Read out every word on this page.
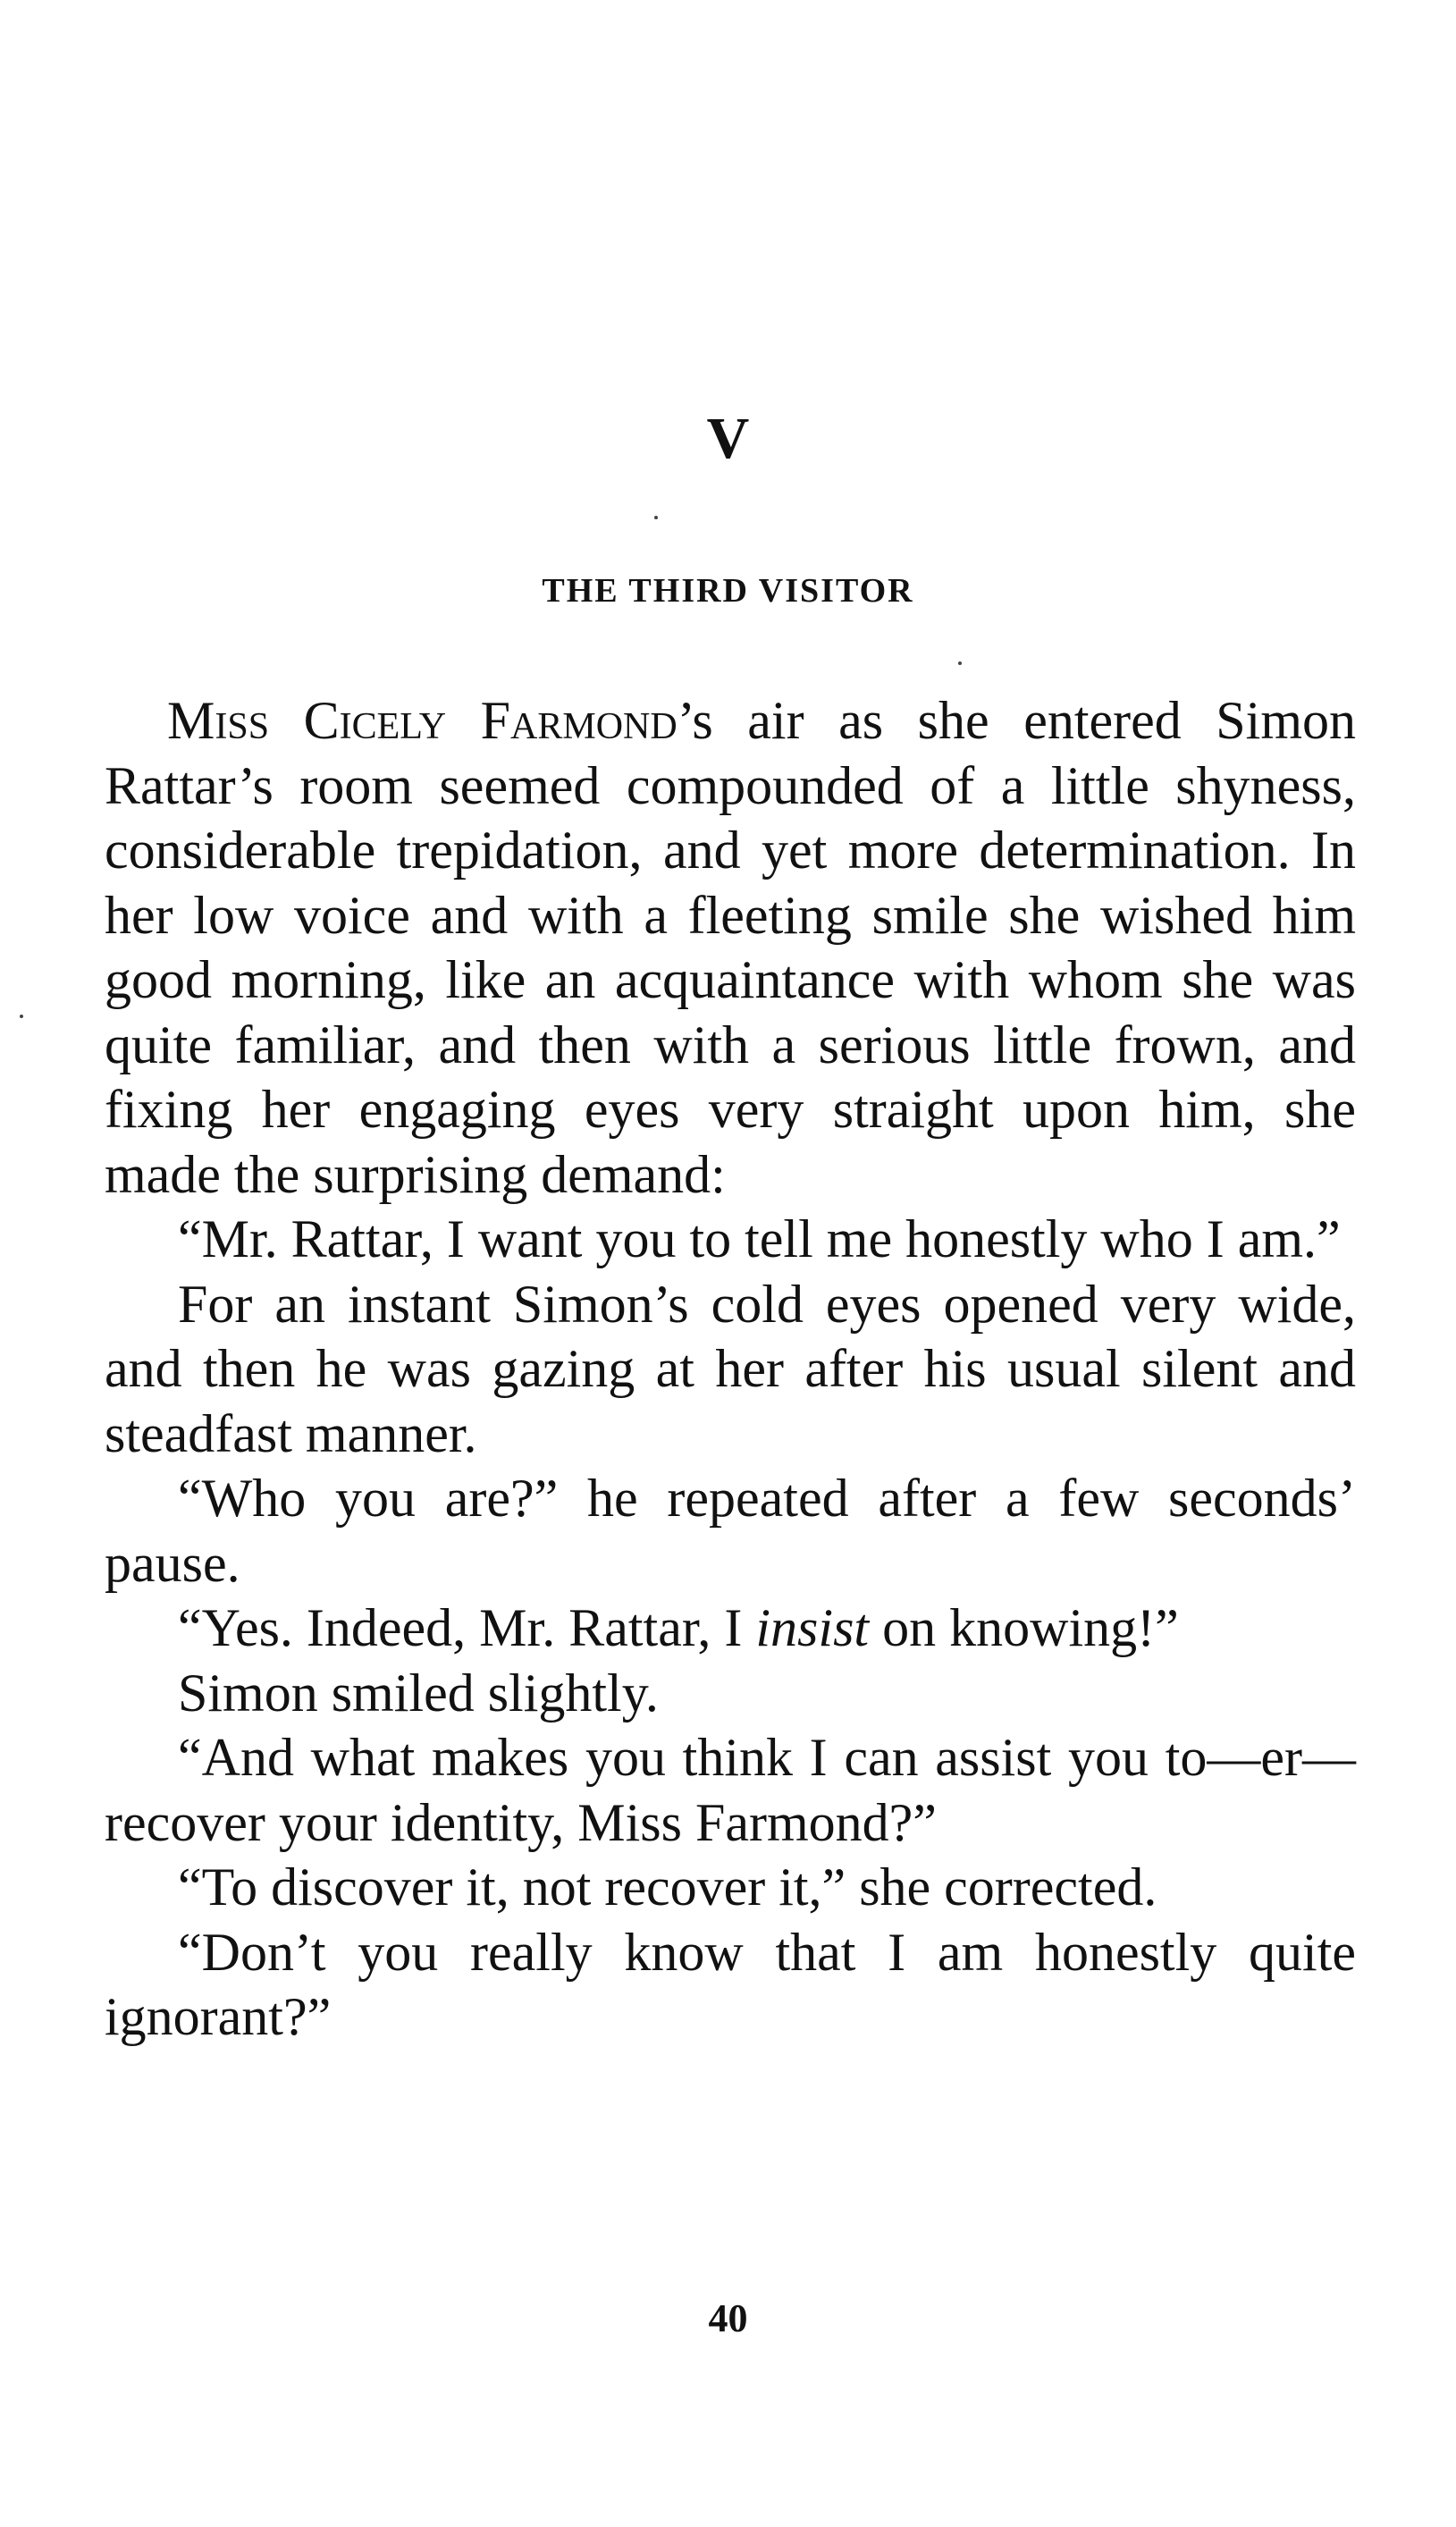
V
THE THIRD VISITOR

Miss Cicely Farmond’s air as she entered Simon Rattar’s room seemed compounded of a little shyness, considerable trepidation, and yet more determination. In her low voice and with a fleeting smile she wished him good morning, like an acquaintance with whom she was quite familiar, and then with a serious little frown, and fixing her engaging eyes very straight upon him, she made the surprising demand:

“Mr. Rattar, I want you to tell me honestly who I am.”

For an instant Simon’s cold eyes opened very wide, and then he was gazing at her after his usual silent and steadfast manner.

“Who you are?” he repeated after a few seconds’ pause.

“Yes. Indeed, Mr. Rattar, I insist on knowing!”

Simon smiled slightly.

“And what makes you think I can assist you to—er—recover your identity, Miss Farmond?”

“To discover it, not recover it,” she corrected.

“Don’t you really know that I am honestly quite ignorant?”

40
